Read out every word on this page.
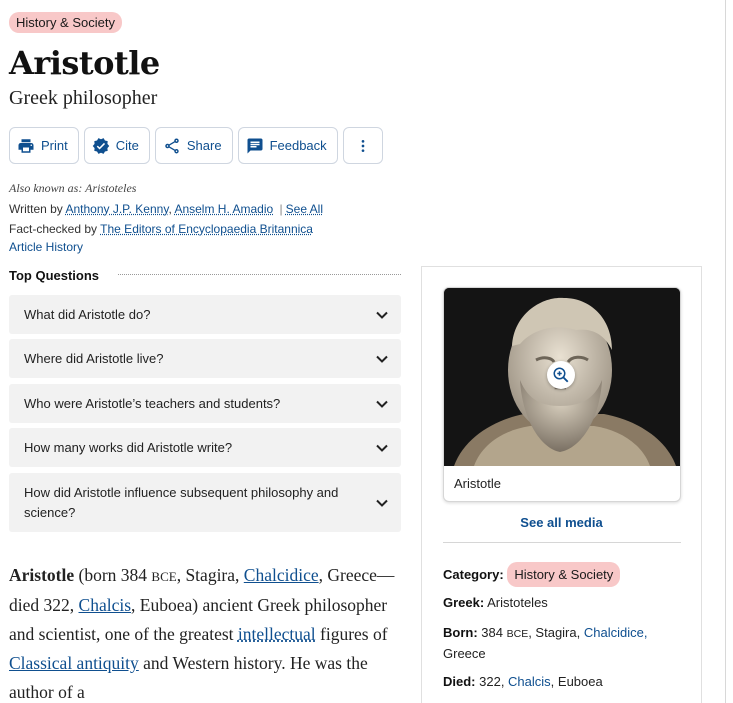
History & Society
Aristotle
Greek philosopher
Print	Cite	Share	Feedback
Also known as: Aristoteles
Written by Anthony J.P. Kenny, Anselm H. Amadio | See All
Fact-checked by The Editors of Encyclopaedia Britannica
Article History
Top Questions
What did Aristotle do?
Where did Aristotle live?
Who were Aristotle’s teachers and students?
How many works did Aristotle write?
How did Aristotle influence subsequent philosophy and science?
Aristotle (born 384 BCE, Stagira, Chalcidice, Greece—died 322, Chalcis, Euboea) ancient Greek philosopher and scientist, one of the greatest intellectual figures of Classical antiquity and Western history. He was the author of a
Aristotle
See all media
Category: History & Society
Greek: Aristoteles
Born: 384 BCE, Stagira, Chalcidice, Greece
Died: 322, Chalcis, Euboea
